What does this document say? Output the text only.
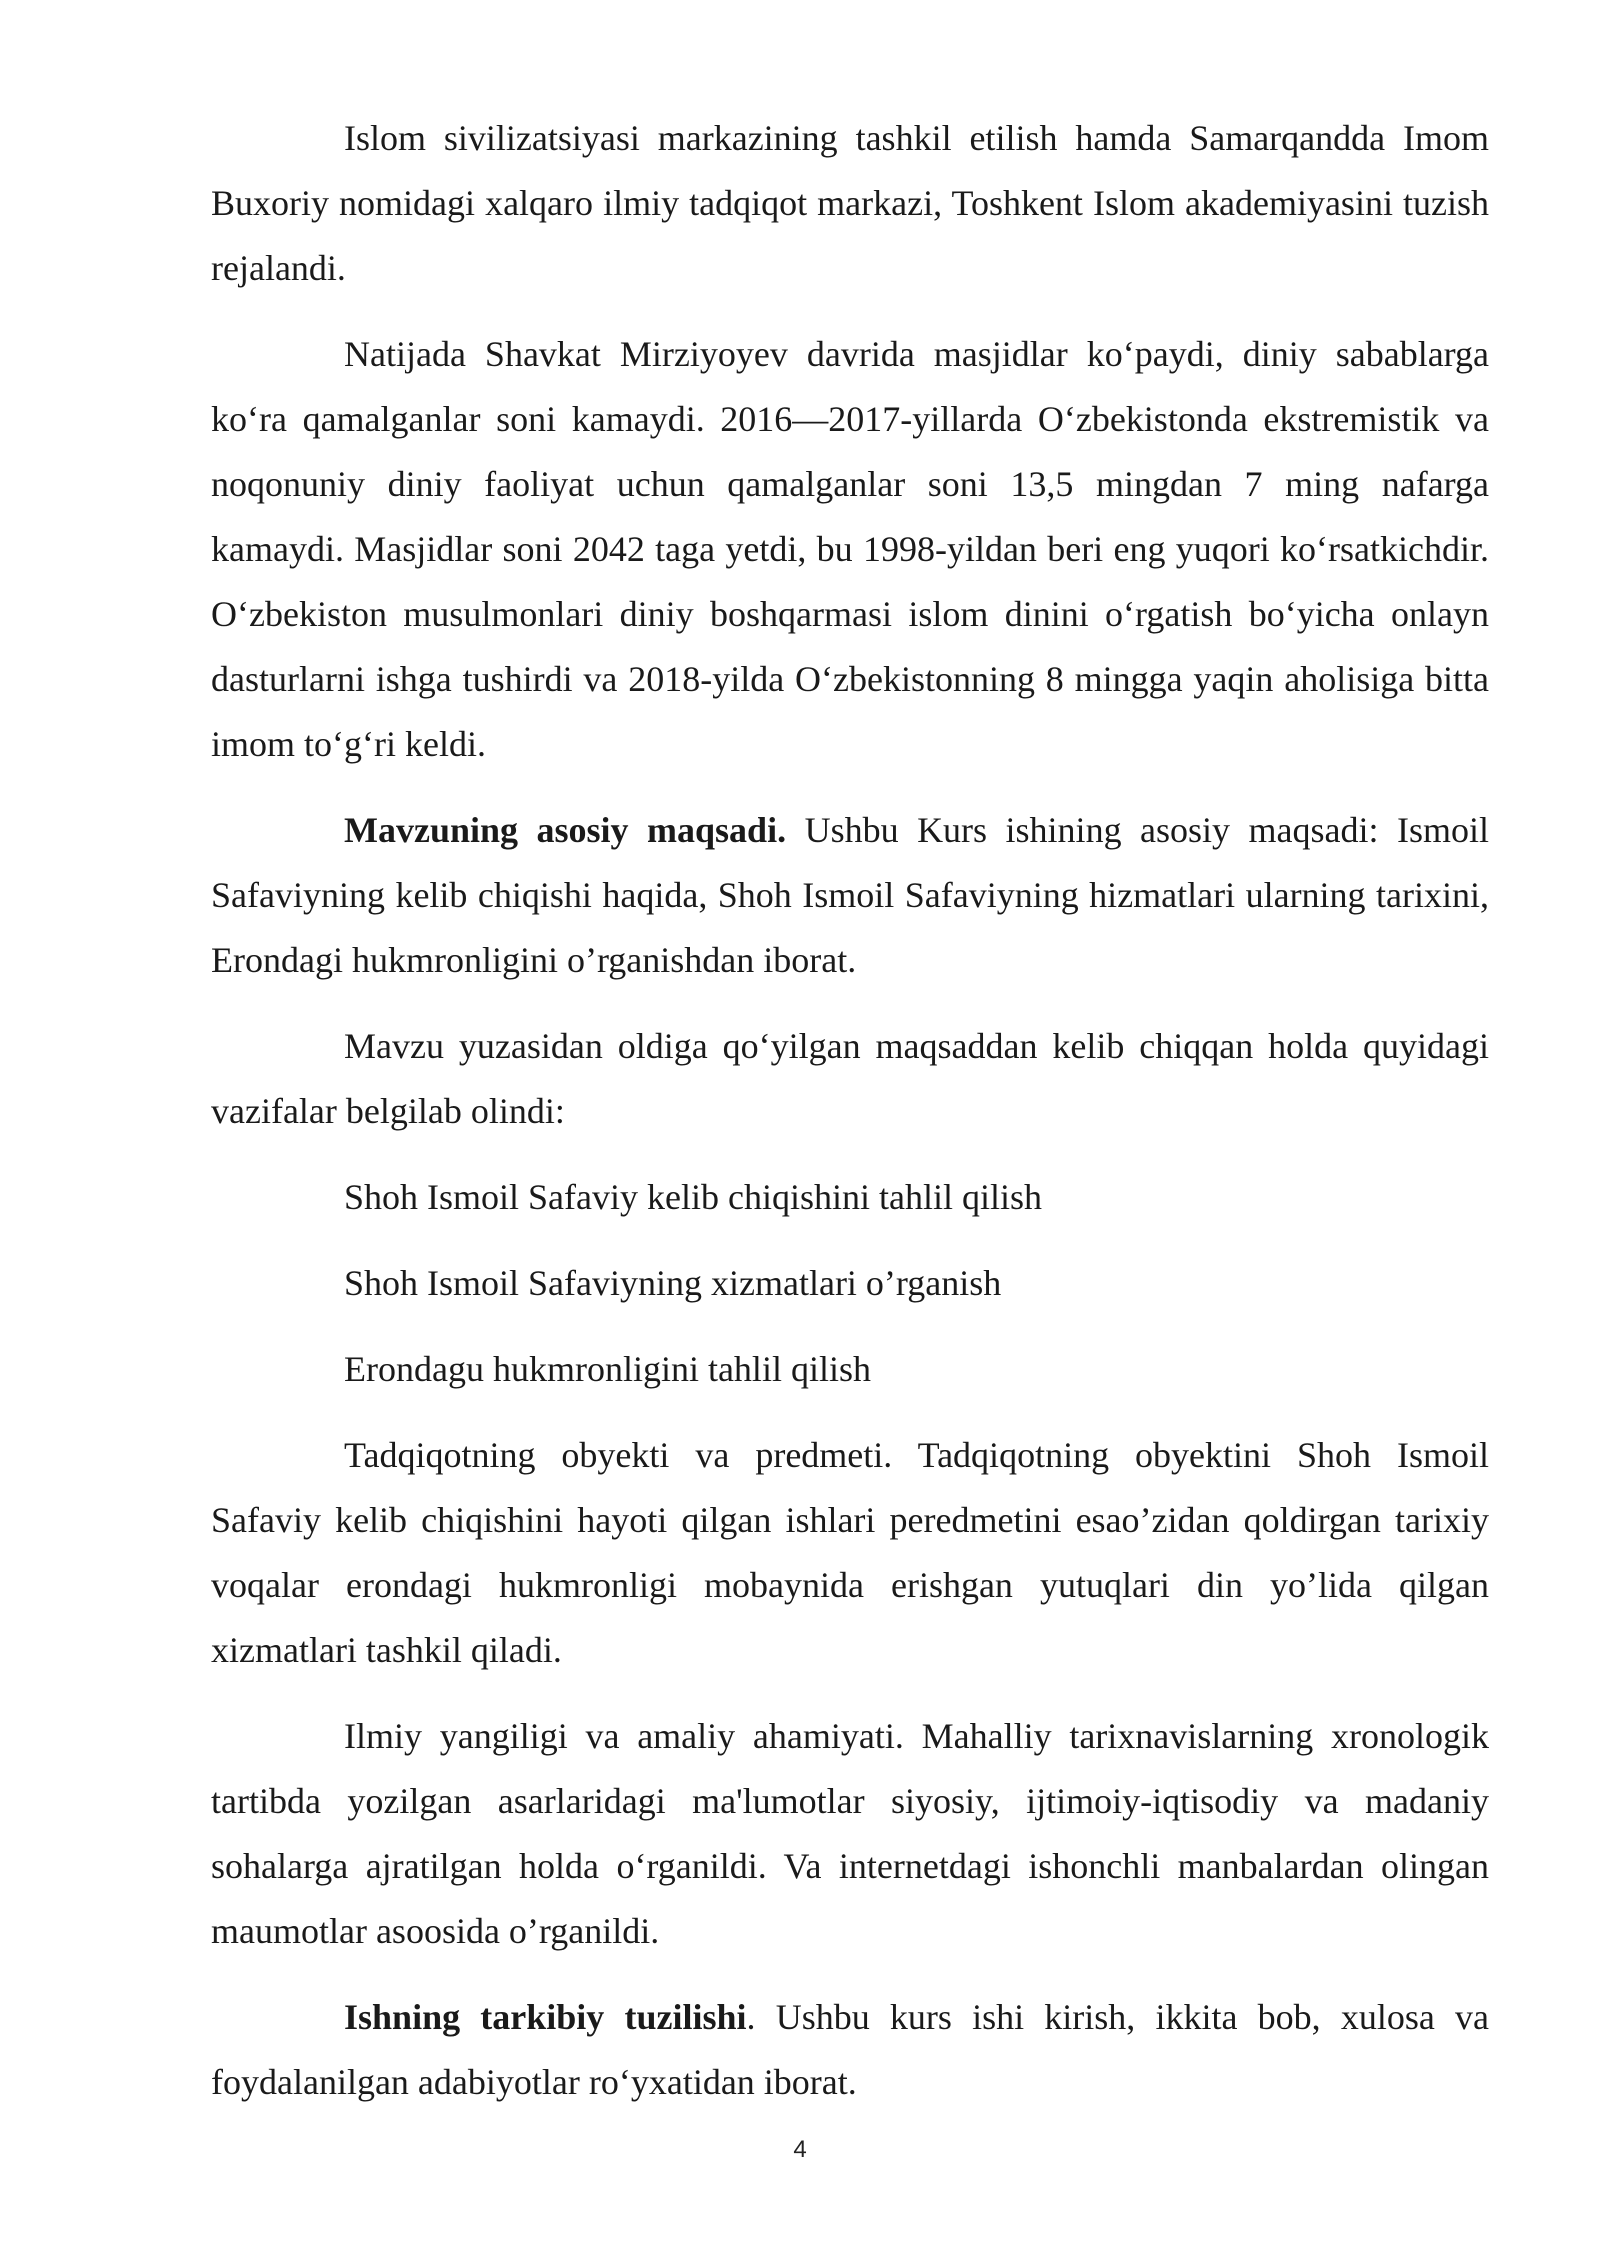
Islom sivilizatsiyasi markazining tashkil etilish hamda Samarqandda Imom Buxoriy nomidagi xalqaro ilmiy tadqiqot markazi, Toshkent Islom akademiyasini tuzish rejalandi.

Natijada Shavkat Mirziyoyev davrida masjidlar koʻpaydi, diniy sabablarga koʻra qamalganlar soni kamaydi. 2016—2017-yillarda Oʻzbekistonda ekstremistik va noqonuniy diniy faoliyat uchun qamalganlar soni 13,5 mingdan 7 ming nafarga kamaydi. Masjidlar soni 2042 taga yetdi, bu 1998-yildan beri eng yuqori koʻrsatkichdir. Oʻzbekiston musulmonlari diniy boshqarmasi islom dinini oʻrgatish boʻyicha onlayn dasturlarni ishga tushirdi va 2018-yilda Oʻzbekistonning 8 mingga yaqin aholisiga bitta imom toʻgʻri keldi.

Mavzuning asosiy maqsadi. Ushbu Kurs ishining asosiy maqsadi: Ismoil Safaviyning kelib chiqishi haqida, Shoh Ismoil Safaviyning hizmatlari ularning tarixini, Erondagi hukmronligini o’rganishdan iborat.

Mavzu yuzasidan oldiga qoʻyilgan maqsaddan kelib chiqqan holda quyidagi vazifalar belgilab olindi:

Shoh Ismoil Safaviy kelib chiqishini tahlil qilish

Shoh Ismoil Safaviyning xizmatlari o’rganish

Erondagu hukmronligini tahlil qilish

Tadqiqotning obyekti va predmeti. Tadqiqotning obyektini Shoh Ismoil Safaviy kelib chiqishini hayoti qilgan ishlari peredmetini esao’zidan qoldirgan tarixiy voqalar erondagi hukmronligi mobaynida erishgan yutuqlari din yo’lida qilgan xizmatlari tashkil qiladi.

Ilmiy yangiligi va amaliy ahamiyati. Mahalliy tarixnavislarning xronologik tartibda yozilgan asarlaridagi ma'lumotlar siyosiy, ijtimoiy-iqtisodiy va madaniy sohalarga ajratilgan holda oʻrganildi. Va internetdagi ishonchli manbalardan olingan maumotlar asoosida o’rganildi.

Ishning tarkibiy tuzilishi. Ushbu kurs ishi kirish, ikkita bob, xulosa va foydalanilgan adabiyotlar roʻyxatidan iborat.

4
